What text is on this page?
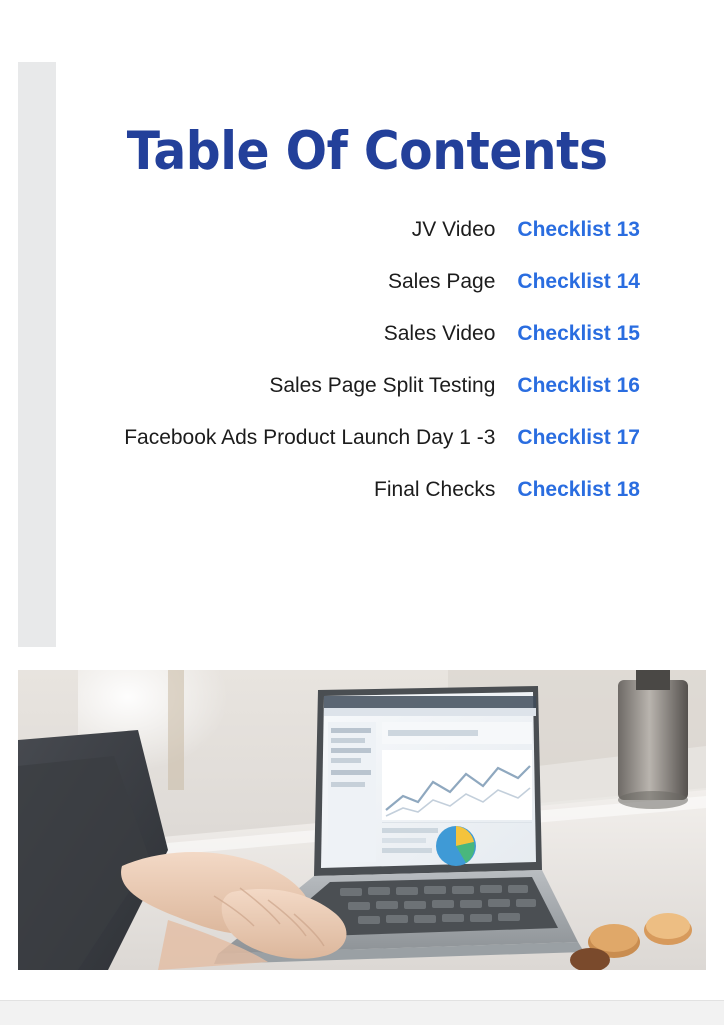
Table Of Contents
JV Video Checklist 13
Sales Page Checklist 14
Sales Video Checklist 15
Sales Page Split Testing Checklist 16
Facebook Ads Product Launch Day 1 -3 Checklist 17
Final Checks Checklist 18
